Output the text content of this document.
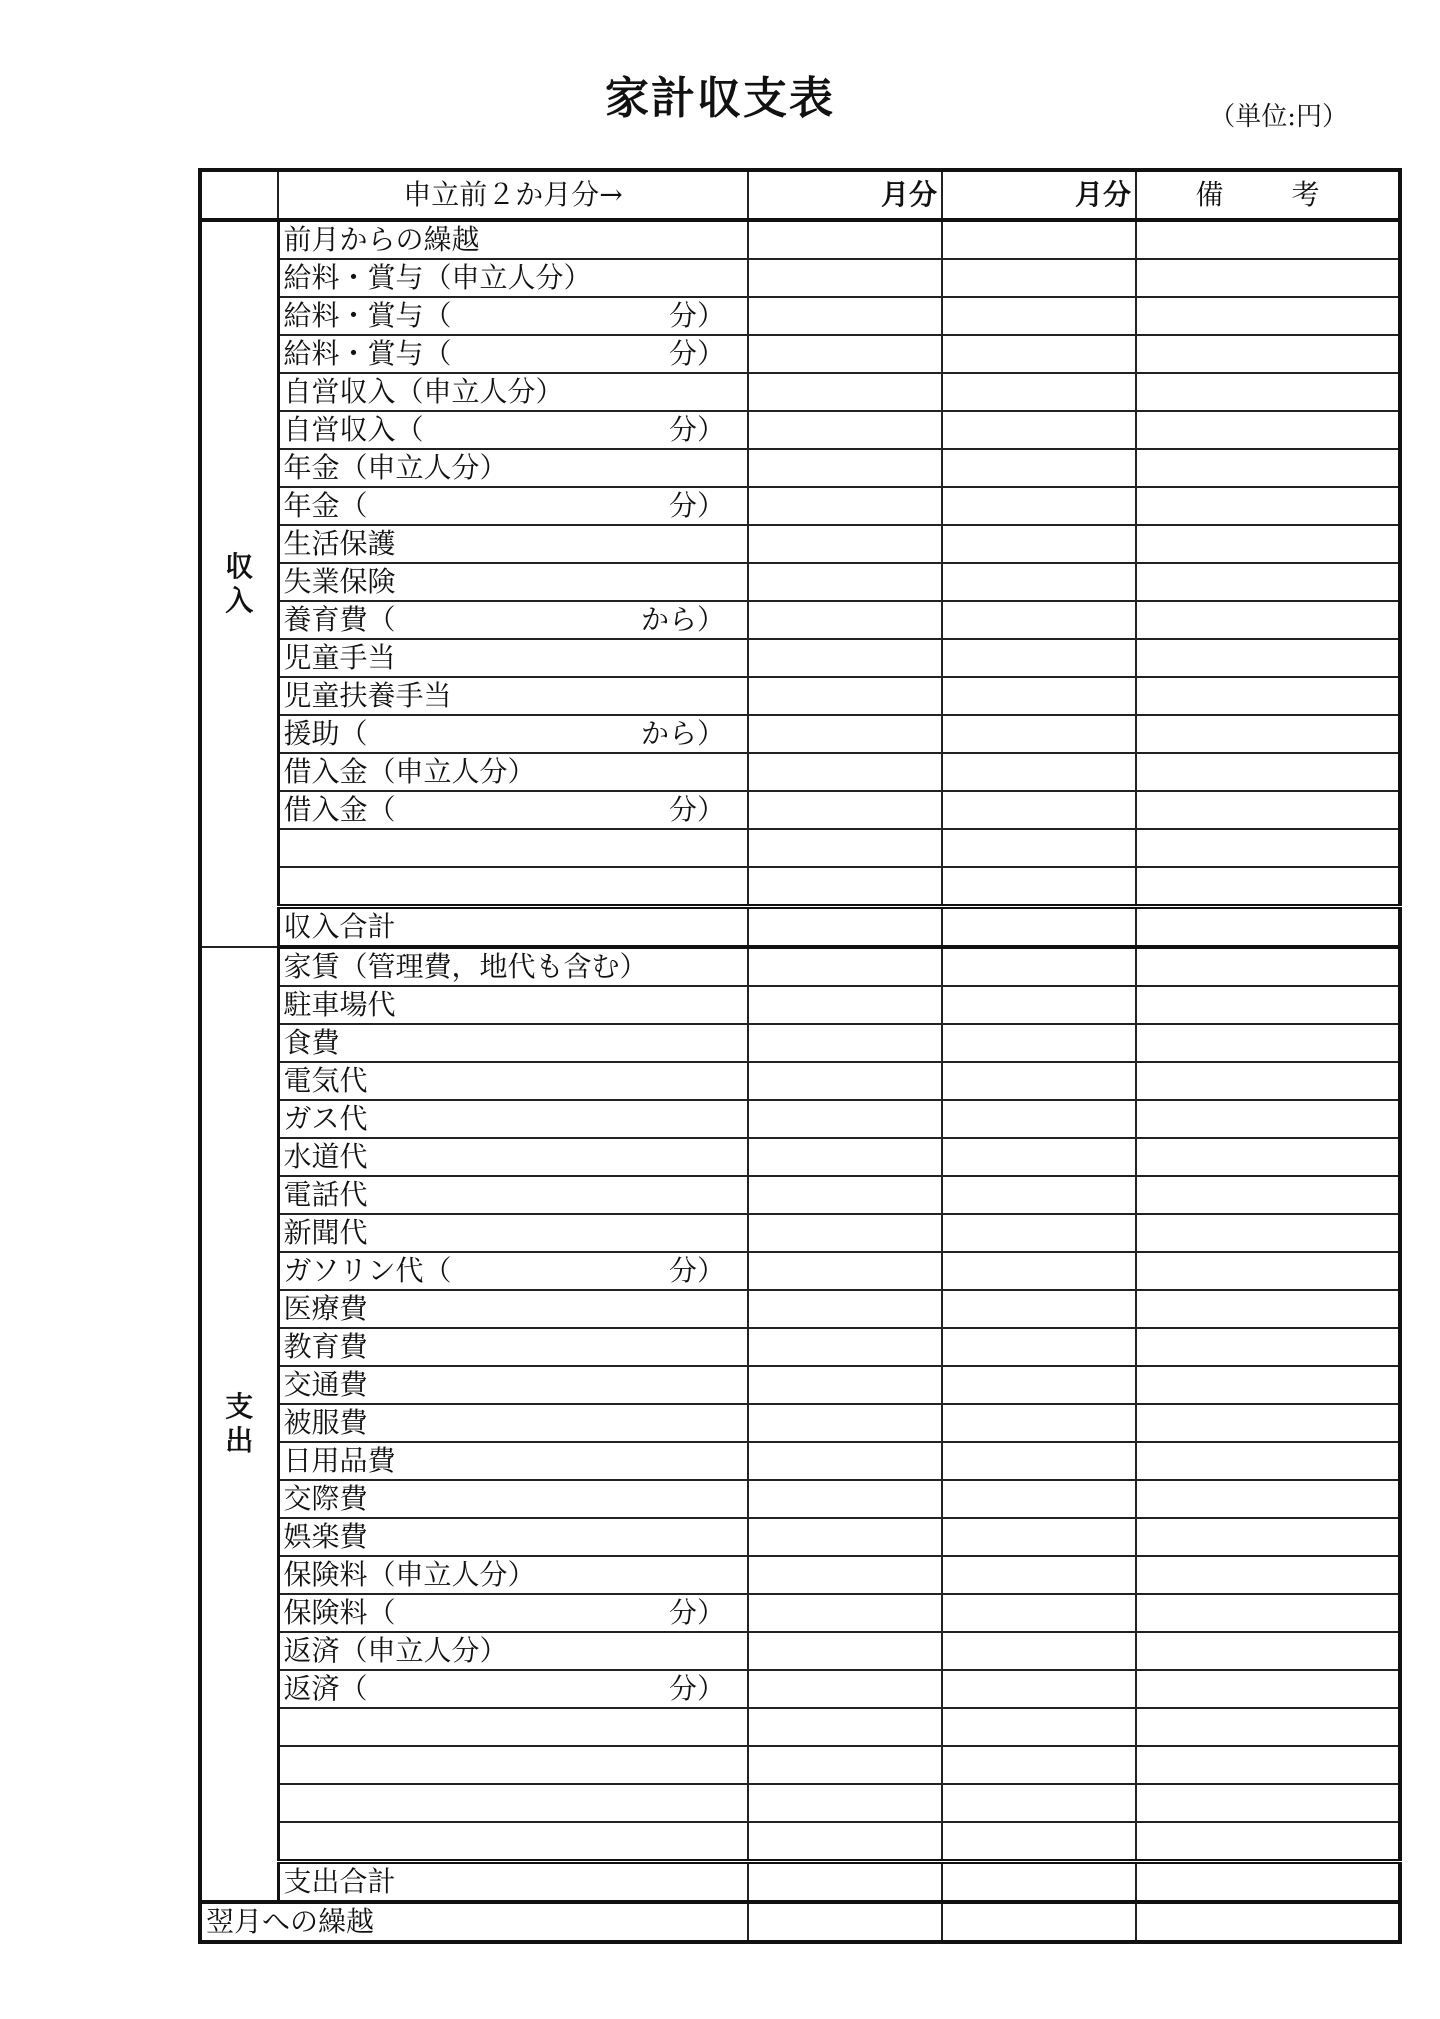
家計収支表	（単位:円）
	申立前２か月分→	月分	月分	備　考

収
入	前月からの繰越			

	給料・賞与（申立人分）			

	給料・賞与（ 分）			

	給料・賞与（ 分）			

	自営収入（申立人分）			

	自営収入（ 分）			

	年金（申立人分）			

	年金（ 分）			

	生活保護			

	失業保険			

	養育費（ から）			

	児童手当			

	児童扶養手当			

	援助（ から）			

	借入金（申立人分）			

	借入金（ 分）			

	収入合計			

支
出	家賃（管理費，地代も含む）			

	駐車場代			

	食費			

	電気代			

	ガス代			

	水道代			

	電話代			

	新聞代			

	ガソリン代（ 分）			

	医療費			

	教育費			

	交通費			

	被服費			

	日用品費			

	交際費			

	娯楽費			

	保険料（申立人分）			

	保険料（ 分）			

	返済（申立人分）			

	返済（ 分）			

	支出合計			
翌月への繰越				
